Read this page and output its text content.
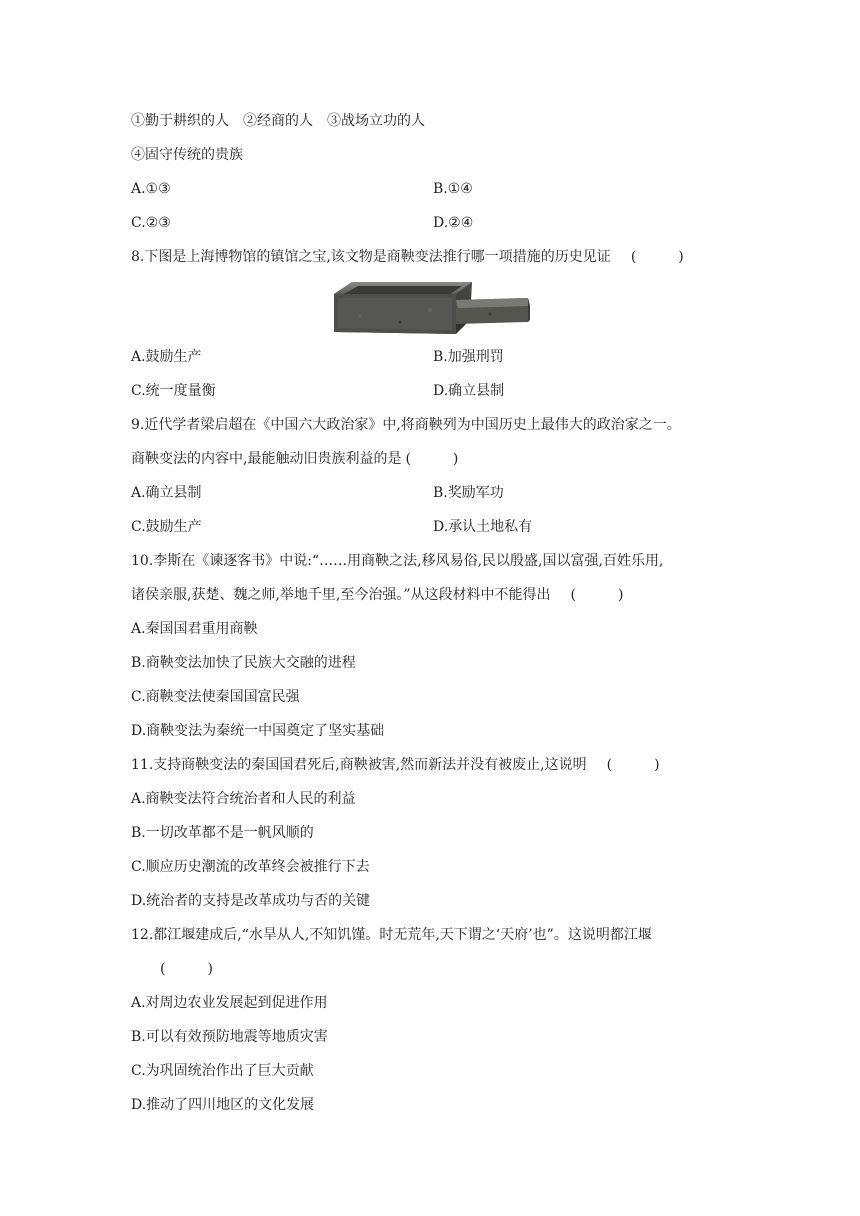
①勤于耕织的人　②经商的人　③战场立功的人
④固守传统的贵族
A.①③	B.①④
C.②③	D.②④
8.下图是上海博物馆的镇馆之宝,该文物是商鞅变法推行哪一项措施的历史见证 (　)
A.鼓励生产	B.加强刑罚
C.统一度量衡	D.确立县制
9.近代学者梁启超在《中国六大政治家》中,将商鞅列为中国历史上最伟大的政治家之一。
商鞅变法的内容中,最能触动旧贵族利益的是 (　)
A.确立县制	B.奖励军功
C.鼓励生产	D.承认土地私有
10.李斯在《谏逐客书》中说:“……用商鞅之法,移风易俗,民以殷盛,国以富强,百姓乐用,
诸侯亲服,获楚、魏之师,举地千里,至今治强。”从这段材料中不能得出 (　)
A.秦国国君重用商鞅
B.商鞅变法加快了民族大交融的进程
C.商鞅变法使秦国国富民强
D.商鞅变法为秦统一中国奠定了坚实基础
11.支持商鞅变法的秦国国君死后,商鞅被害,然而新法并没有被废止,这说明 (　)
A.商鞅变法符合统治者和人民的利益
B.一切改革都不是一帆风顺的
C.顺应历史潮流的改革终会被推行下去
D.统治者的支持是改革成功与否的关键
12.都江堰建成后,“水旱从人,不知饥馑。时无荒年,天下谓之‘天府’也”。这说明都江堰
(　)
A.对周边农业发展起到促进作用
B.可以有效预防地震等地质灾害
C.为巩固统治作出了巨大贡献
D.推动了四川地区的文化发展
